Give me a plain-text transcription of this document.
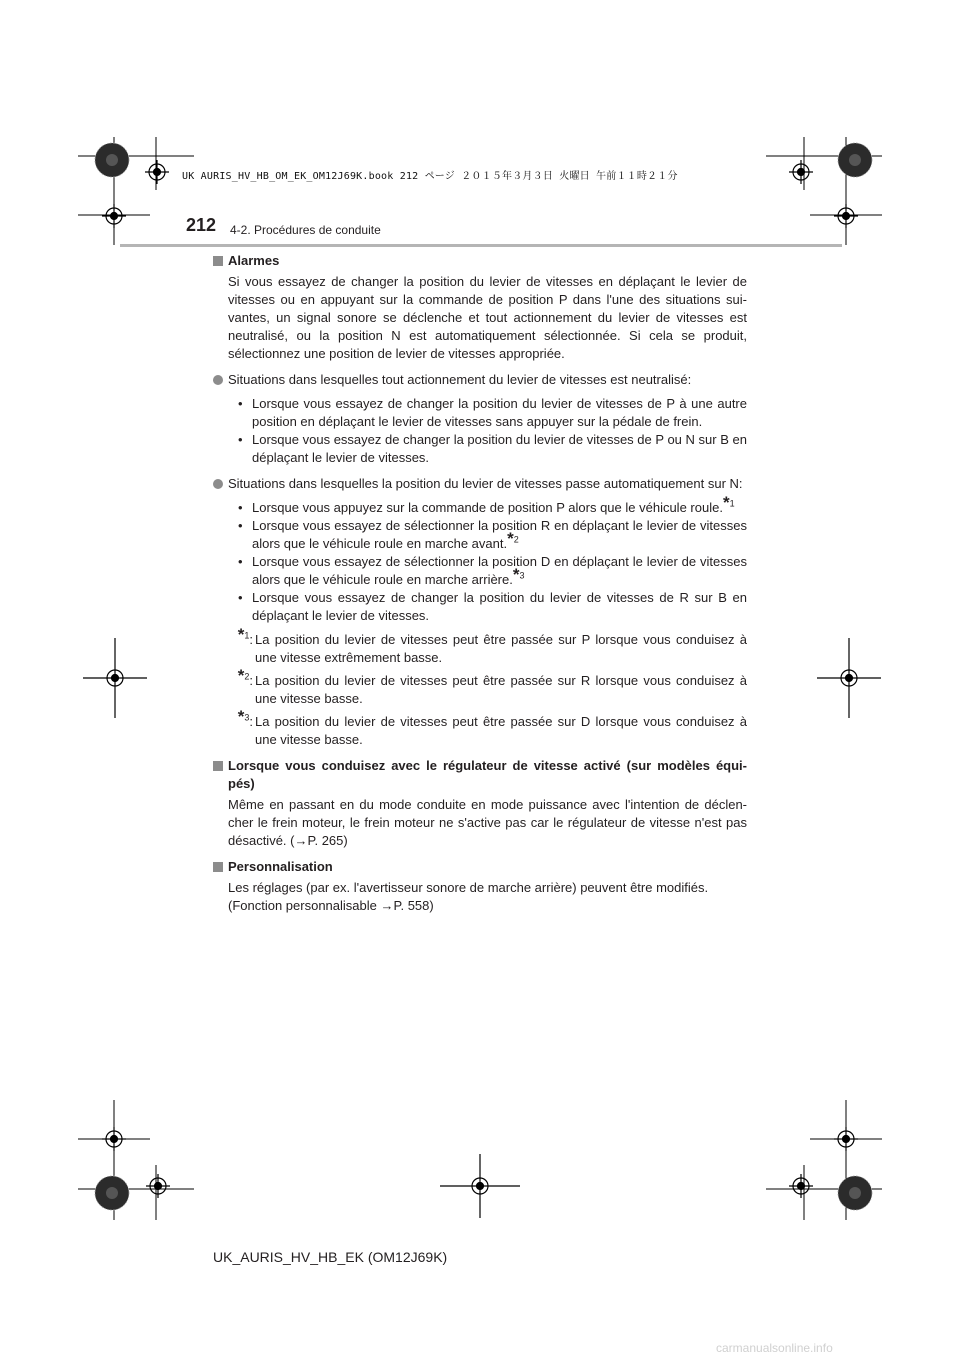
UK AURIS_HV_HB_OM_EK_OM12J69K.book 212 ページ ２０１５年３月３日 火曜日 午前１１時２１分
212 4-2. Procédures de conduite
Alarmes
Si vous essayez de changer la position du levier de vitesses en déplaçant le levier de vitesses ou en appuyant sur la commande de position P dans l'une des situations sui-vantes, un signal sonore se déclenche et tout actionnement du levier de vitesses est neutralisé, ou la position N est automatiquement sélectionnée. Si cela se produit, sélectionnez une position de levier de vitesses appropriée.
Situations dans lesquelles tout actionnement du levier de vitesses est neutralisé:
• Lorsque vous essayez de changer la position du levier de vitesses de P à une autre position en déplaçant le levier de vitesses sans appuyer sur la pédale de frein.
• Lorsque vous essayez de changer la position du levier de vitesses de P ou N sur B en déplaçant le levier de vitesses.
Situations dans lesquelles la position du levier de vitesses passe automatiquement sur N:
• Lorsque vous appuyez sur la commande de position P alors que le véhicule roule.*$^1$
• Lorsque vous essayez de sélectionner la position R en déplaçant le levier de vitesses alors que le véhicule roule en marche avant.*$^2$
• Lorsque vous essayez de sélectionner la position D en déplaçant le levier de vitesses alors que le véhicule roule en marche arrière.*$^3$
• Lorsque vous essayez de changer la position du levier de vitesses de R sur B en déplaçant le levier de vitesses.
*$^1$: La position du levier de vitesses peut être passée sur P lorsque vous conduisez à une vitesse extrêmement basse.
*$^2$: La position du levier de vitesses peut être passée sur R lorsque vous conduisez à une vitesse basse.
*$^3$: La position du levier de vitesses peut être passée sur D lorsque vous conduisez à une vitesse basse.
Lorsque vous conduisez avec le régulateur de vitesse activé (sur modèles équi-pés)
Même en passant en du mode conduite en mode puissance avec l'intention de déclen-cher le frein moteur, le frein moteur ne s'active pas car le régulateur de vitesse n'est pas désactivé. (→P. 265)
Personnalisation
Les réglages (par ex. l'avertisseur sonore de marche arrière) peuvent être modifiés.
(Fonction personnalisable →P. 558)
UK_AURIS_HV_HB_EK (OM12J69K)
carmanualsonline.info
